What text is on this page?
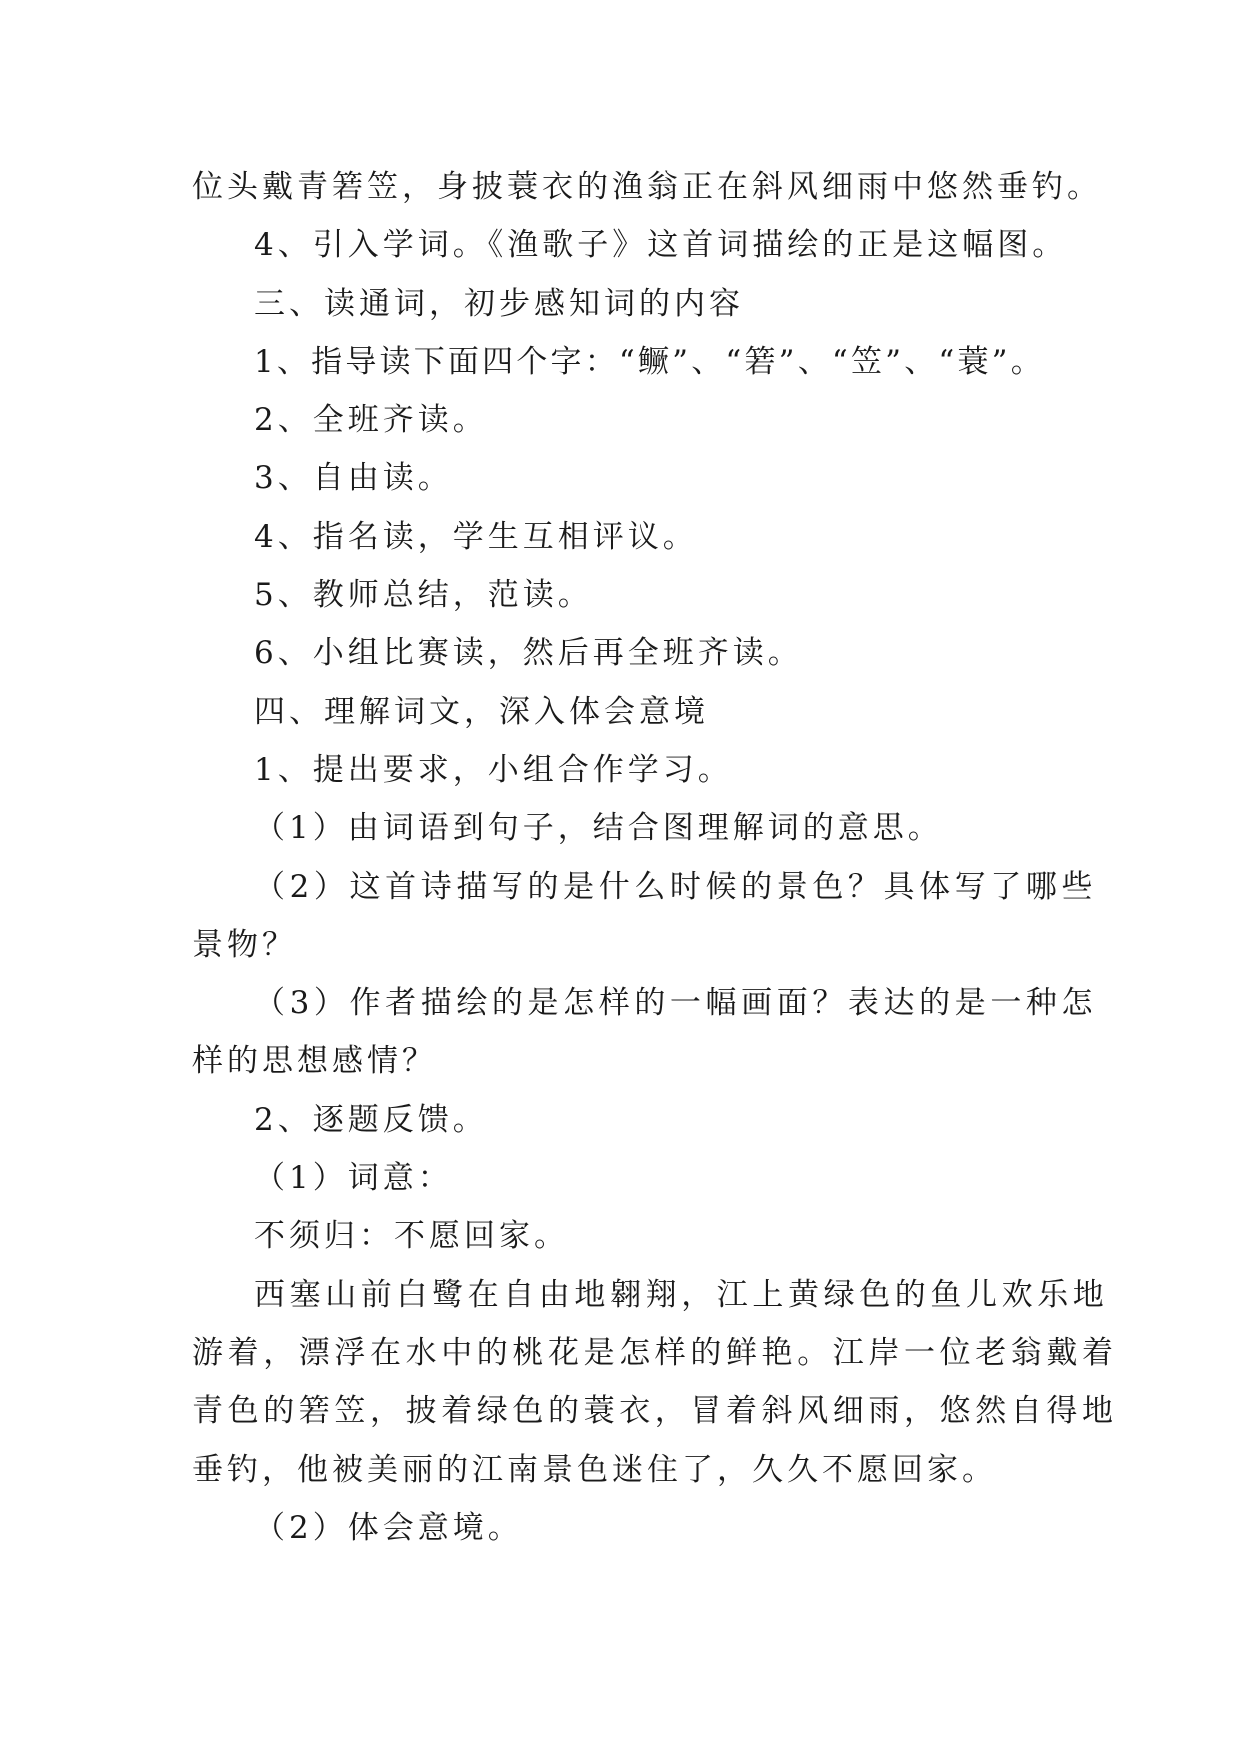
位头戴青箬笠，身披蓑衣的渔翁正在斜风细雨中悠然垂钓。

4、引入学词。《渔歌子》这首词描绘的正是这幅图。

三、读通词，初步感知词的内容

1、指导读下面四个字：“鳜”、“箬”、“笠”、“蓑”。

2、全班齐读。

3、自由读。

4、指名读，学生互相评议。

5、教师总结，范读。

6、小组比赛读，然后再全班齐读。

四、理解词文，深入体会意境

1、提出要求，小组合作学习。

（1）由词语到句子，结合图理解词的意思。

（2）这首诗描写的是什么时候的景色？具体写了哪些

景物？

（3）作者描绘的是怎样的一幅画面？表达的是一种怎

样的思想感情？

2、逐题反馈。

（1）词意：

不须归：不愿回家。

西塞山前白鹭在自由地翱翔，江上黄绿色的鱼儿欢乐地

游着，漂浮在水中的桃花是怎样的鲜艳。江岸一位老翁戴着

青色的箬笠，披着绿色的蓑衣，冒着斜风细雨，悠然自得地

垂钓，他被美丽的江南景色迷住了，久久不愿回家。

（2）体会意境。
